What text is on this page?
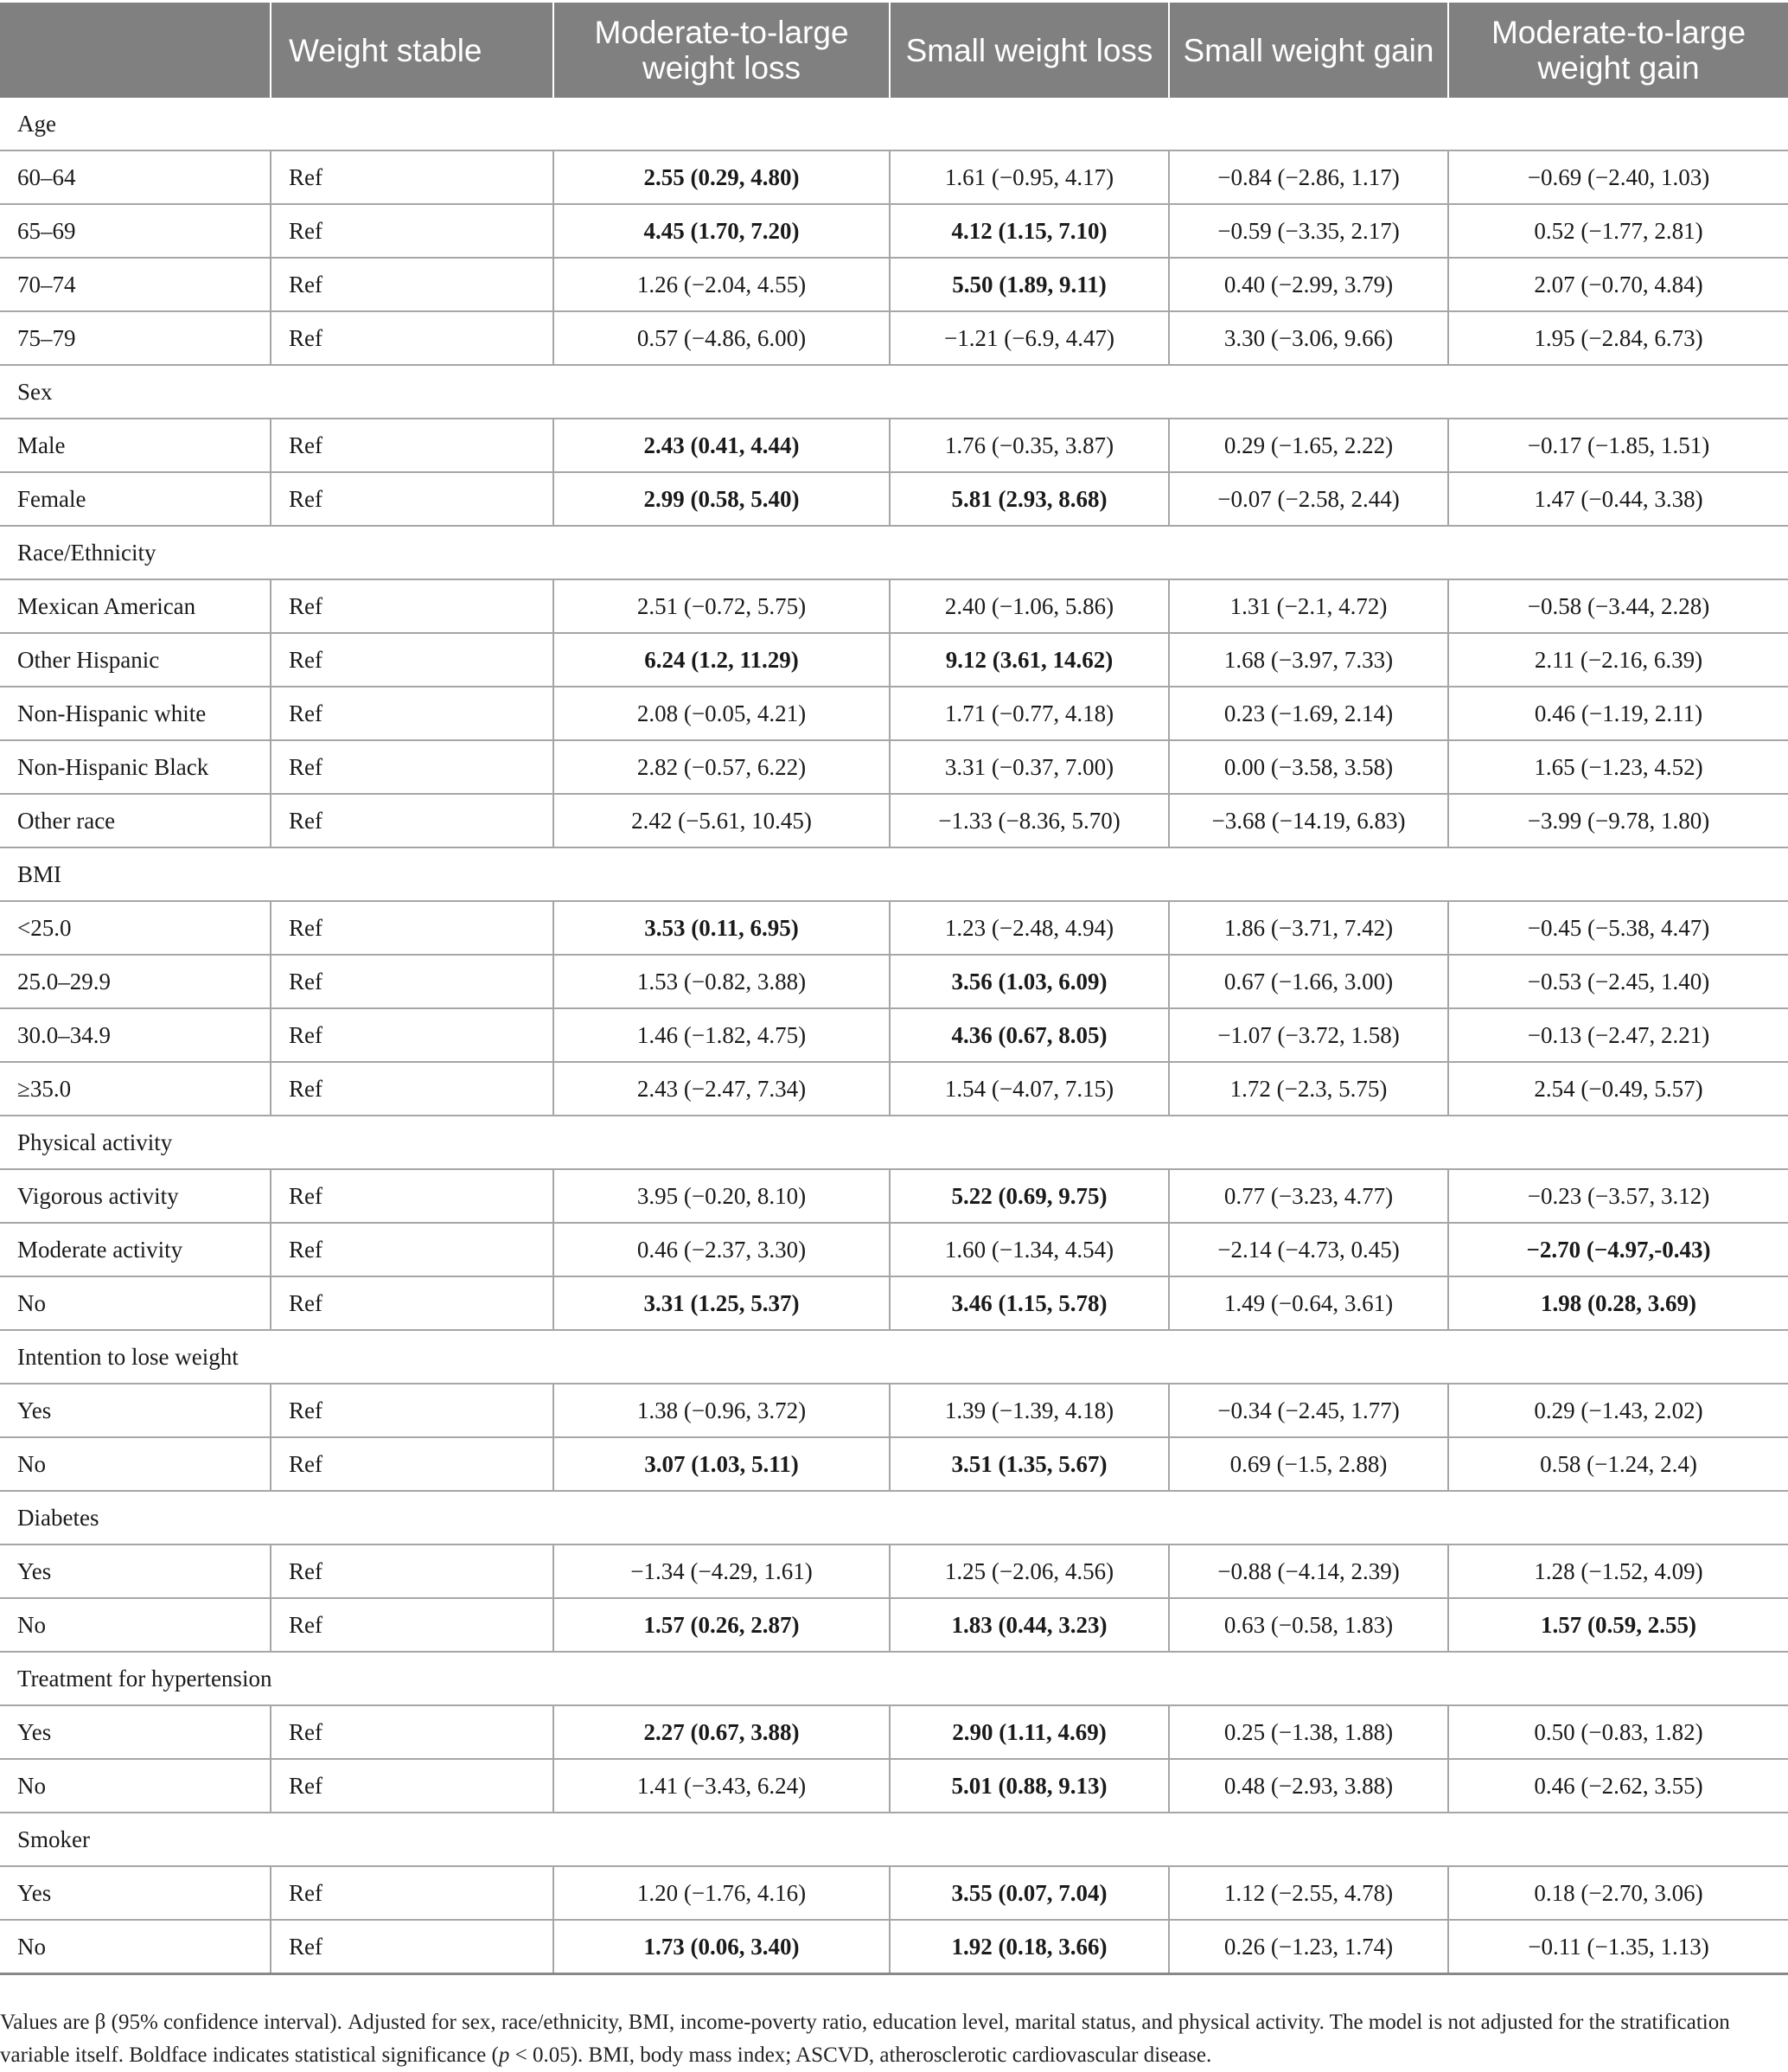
	Weight stable	Moderate-to-large weight loss	Small weight loss	Small weight gain	Moderate-to-large weight gain
Age					
60–64	Ref	2.55 (0.29, 4.80)	1.61 (−0.95, 4.17)	−0.84 (−2.86, 1.17)	−0.69 (−2.40, 1.03)
65–69	Ref	4.45 (1.70, 7.20)	4.12 (1.15, 7.10)	−0.59 (−3.35, 2.17)	0.52 (−1.77, 2.81)
70–74	Ref	1.26 (−2.04, 4.55)	5.50 (1.89, 9.11)	0.40 (−2.99, 3.79)	2.07 (−0.70, 4.84)
75–79	Ref	0.57 (−4.86, 6.00)	−1.21 (−6.9, 4.47)	3.30 (−3.06, 9.66)	1.95 (−2.84, 6.73)
Sex					
Male	Ref	2.43 (0.41, 4.44)	1.76 (−0.35, 3.87)	0.29 (−1.65, 2.22)	−0.17 (−1.85, 1.51)
Female	Ref	2.99 (0.58, 5.40)	5.81 (2.93, 8.68)	−0.07 (−2.58, 2.44)	1.47 (−0.44, 3.38)
Race/Ethnicity					
Mexican American	Ref	2.51 (−0.72, 5.75)	2.40 (−1.06, 5.86)	1.31 (−2.1, 4.72)	−0.58 (−3.44, 2.28)
Other Hispanic	Ref	6.24 (1.2, 11.29)	9.12 (3.61, 14.62)	1.68 (−3.97, 7.33)	2.11 (−2.16, 6.39)
Non-Hispanic white	Ref	2.08 (−0.05, 4.21)	1.71 (−0.77, 4.18)	0.23 (−1.69, 2.14)	0.46 (−1.19, 2.11)
Non-Hispanic Black	Ref	2.82 (−0.57, 6.22)	3.31 (−0.37, 7.00)	0.00 (−3.58, 3.58)	1.65 (−1.23, 4.52)
Other race	Ref	2.42 (−5.61, 10.45)	−1.33 (−8.36, 5.70)	−3.68 (−14.19, 6.83)	−3.99 (−9.78, 1.80)
BMI					
<25.0	Ref	3.53 (0.11, 6.95)	1.23 (−2.48, 4.94)	1.86 (−3.71, 7.42)	−0.45 (−5.38, 4.47)
25.0–29.9	Ref	1.53 (−0.82, 3.88)	3.56 (1.03, 6.09)	0.67 (−1.66, 3.00)	−0.53 (−2.45, 1.40)
30.0–34.9	Ref	1.46 (−1.82, 4.75)	4.36 (0.67, 8.05)	−1.07 (−3.72, 1.58)	−0.13 (−2.47, 2.21)
≥35.0	Ref	2.43 (−2.47, 7.34)	1.54 (−4.07, 7.15)	1.72 (−2.3, 5.75)	2.54 (−0.49, 5.57)
Physical activity					
Vigorous activity	Ref	3.95 (−0.20, 8.10)	5.22 (0.69, 9.75)	0.77 (−3.23, 4.77)	−0.23 (−3.57, 3.12)
Moderate activity	Ref	0.46 (−2.37, 3.30)	1.60 (−1.34, 4.54)	−2.14 (−4.73, 0.45)	−2.70 (−4.97,-0.43)
No	Ref	3.31 (1.25, 5.37)	3.46 (1.15, 5.78)	1.49 (−0.64, 3.61)	1.98 (0.28, 3.69)
Intention to lose weight					
Yes	Ref	1.38 (−0.96, 3.72)	1.39 (−1.39, 4.18)	−0.34 (−2.45, 1.77)	0.29 (−1.43, 2.02)
No	Ref	3.07 (1.03, 5.11)	3.51 (1.35, 5.67)	0.69 (−1.5, 2.88)	0.58 (−1.24, 2.4)
Diabetes					
Yes	Ref	−1.34 (−4.29, 1.61)	1.25 (−2.06, 4.56)	−0.88 (−4.14, 2.39)	1.28 (−1.52, 4.09)
No	Ref	1.57 (0.26, 2.87)	1.83 (0.44, 3.23)	0.63 (−0.58, 1.83)	1.57 (0.59, 2.55)
Treatment for hypertension					
Yes	Ref	2.27 (0.67, 3.88)	2.90 (1.11, 4.69)	0.25 (−1.38, 1.88)	0.50 (−0.83, 1.82)
No	Ref	1.41 (−3.43, 6.24)	5.01 (0.88, 9.13)	0.48 (−2.93, 3.88)	0.46 (−2.62, 3.55)
Smoker					
Yes	Ref	1.20 (−1.76, 4.16)	3.55 (0.07, 7.04)	1.12 (−2.55, 4.78)	0.18 (−2.70, 3.06)
No	Ref	1.73 (0.06, 3.40)	1.92 (0.18, 3.66)	0.26 (−1.23, 1.74)	−0.11 (−1.35, 1.13)
Values are β (95% confidence interval). Adjusted for sex, race/ethnicity, BMI, income-poverty ratio, education level, marital status, and physical activity. The model is not adjusted for the stratification variable itself. Boldface indicates statistical significance (p < 0.05). BMI, body mass index; ASCVD, atherosclerotic cardiovascular disease.
